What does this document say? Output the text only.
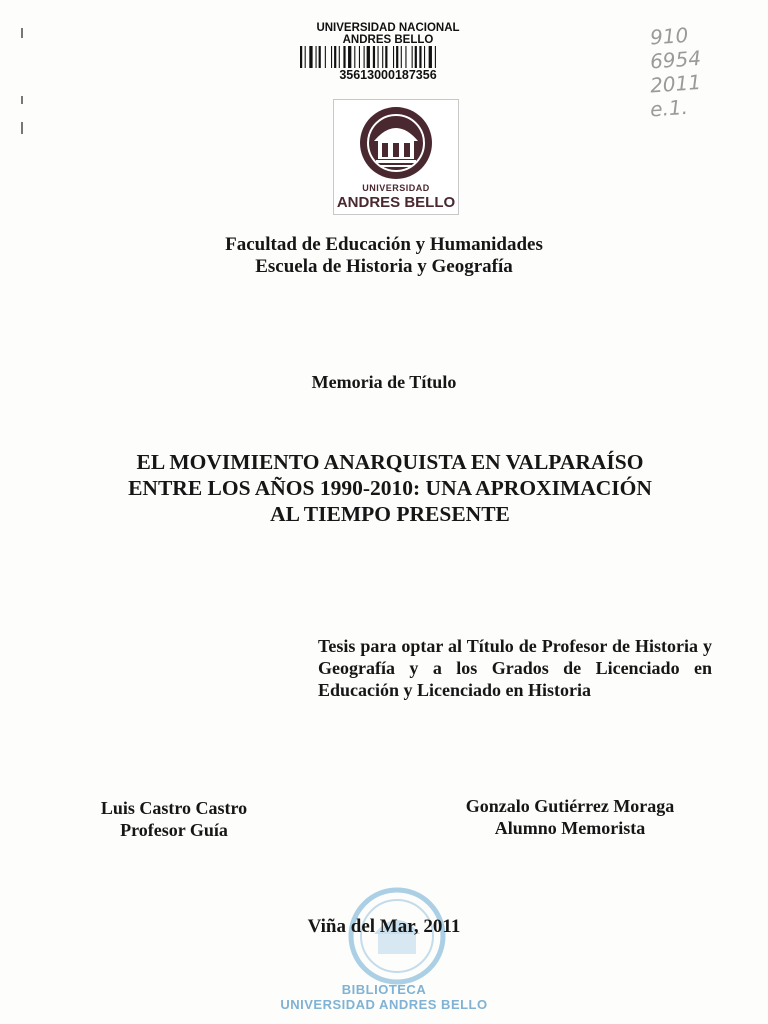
UNIVERSIDAD NACIONAL
ANDRES BELLO
35613000187356
910
6954
2011
e.1.
UNIVERSIDAD
ANDRES BELLO
Facultad de Educación y Humanidades
Escuela de Historia y Geografía
Memoria de Título
EL MOVIMIENTO ANARQUISTA EN VALPARAÍSO
ENTRE LOS AÑOS 1990-2010: UNA APROXIMACIÓN
AL TIEMPO PRESENTE
Tesis para optar al Título de Profesor de Historia y Geografía y a los Grados de Licenciado en Educación y Licenciado en Historia
Luis Castro Castro
Profesor Guía
Gonzalo Gutiérrez Moraga
Alumno Memorista
BIBLIOTECA
UNIVERSIDAD ANDRES BELLO
Viña del Mar, 2011
